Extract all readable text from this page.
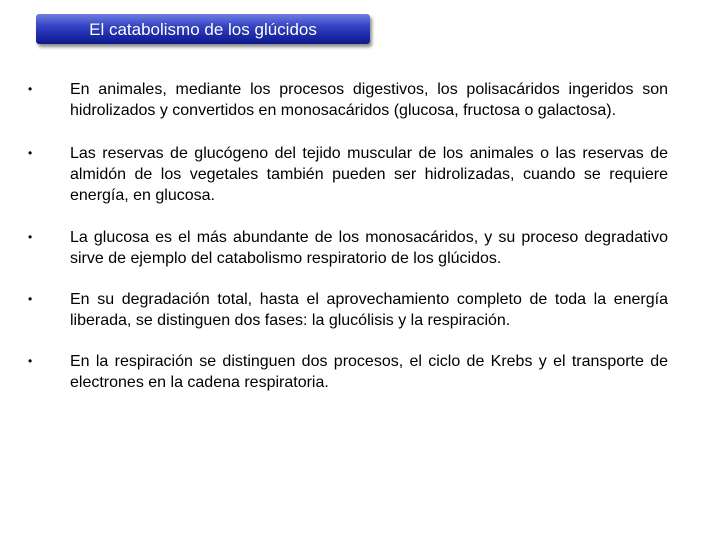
El catabolismo de los glúcidos
•	En animales, mediante los procesos digestivos, los polisacáridos ingeridos son hidrolizados y convertidos en monosacáridos (glucosa, fructosa o galactosa).
•	Las reservas de glucógeno del tejido muscular de los animales o las reservas de almidón de los vegetales también pueden ser hidrolizadas, cuando se requiere energía, en glucosa.
•	La glucosa es el más abundante de los monosacáridos, y su proceso degradativo sirve de ejemplo del catabolismo respiratorio de los glúcidos.
•	En su degradación total, hasta el aprovechamiento completo de toda la energía liberada, se distinguen dos fases: la glucólisis y la respiración.
•	En la respiración se distinguen dos procesos, el ciclo de Krebs y el transporte de electrones en la cadena respiratoria.
